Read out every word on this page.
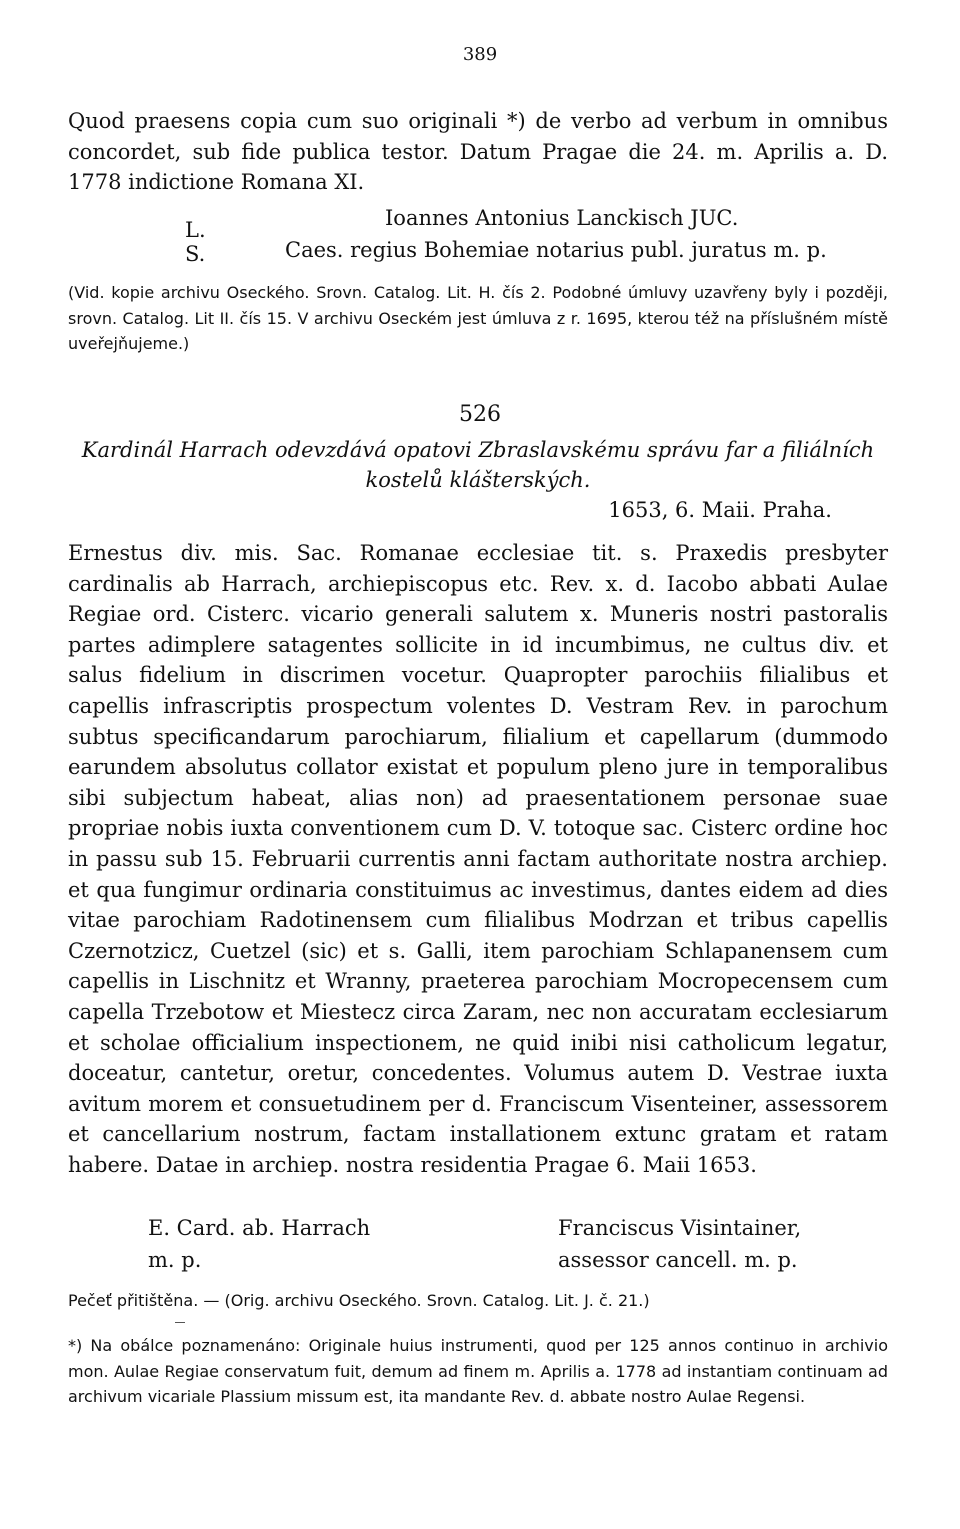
389
Quod praesens copia cum suo originali *) de verbo ad verbum in omnibus concordet, sub fide publica testor. Datum Pragae die 24. m. Aprilis a. D. 1778 indictione Romana XI.
L. S.
Ioannes Antonius Lanckisch JUC.
Caes. regius Bohemiae notarius publ. juratus m. p.
(Vid. kopie archivu Oseckého. Srovn. Catalog. Lit. H. čís 2. Podobné úmluvy uzavřeny byly i později, srovn. Catalog. Lit II. čís 15. V archivu Oseckém jest úmluva z r. 1695, kterou též na příslušném místě uveřejňujeme.)
526
Kardinál Harrach odevzdává opatovi Zbraslavskému správu far a filiálních kostelů klášterských.
1653, 6. Maii. Praha.
Ernestus div. mis. Sac. Romanae ecclesiae tit. s. Praxedis presbyter cardinalis ab Harrach, archiepiscopus etc. Rev. x. d. Iacobo abbati Aulae Regiae ord. Cisterc. vicario generali salutem x. Muneris nostri pastoralis partes adimplere satagentes sollicite in id incumbimus, ne cultus div. et salus fidelium in discrimen vocetur. Quapropter parochiis filialibus et capellis infrascriptis prospectum volentes D. Vestram Rev. in parochum subtus specificandarum parochiarum, filialium et capellarum (dummodo earundem absolutus collator existat et populum pleno jure in temporalibus sibi subjectum habeat, alias non) ad praesentationem personae suae propriae nobis iuxta conventionem cum D. V. totoque sac. Cisterc ordine hoc in passu sub 15. Februarii currentis anni factam authoritate nostra archiep. et qua fungimur ordinaria constituimus ac investimus, dantes eidem ad dies vitae parochiam Radotinensem cum filialibus Modrzan et tribus capellis Czernotzicz, Cuetzel (sic) et s. Galli, item parochiam Schlapanensem cum capellis in Lischnitz et Wranny, praeterea parochiam Mocropecensem cum capella Trzebotow et Miestecz circa Zaram, nec non accuratam ecclesiarum et scholae officialium inspectionem, ne quid inibi nisi catholicum legatur, doceatur, cantetur, oretur, concedentes. Volumus autem D. Vestrae iuxta avitum morem et consuetudinem per d. Franciscum Visenteiner, assessorem et cancellarium nostrum, factam installationem extunc gratam et ratam habere. Datae in archiep. nostra residentia Pragae 6. Maii 1653.
E. Card. ab. Harrach
m. p.
Franciscus Visintainer,
assessor cancell. m. p.
Pečeť přitištěna. — (Orig. archivu Oseckého. Srovn. Catalog. Lit. J. č. 21.)
*) Na obálce poznamenáno: Originale huius instrumenti, quod per 125 annos continuo in archivio mon. Aulae Regiae conservatum fuit, demum ad finem m. Aprilis a. 1778 ad instantiam continuam ad archivum vicariale Plassium missum est, ita mandante Rev. d. abbate nostro Aulae Regensi.
